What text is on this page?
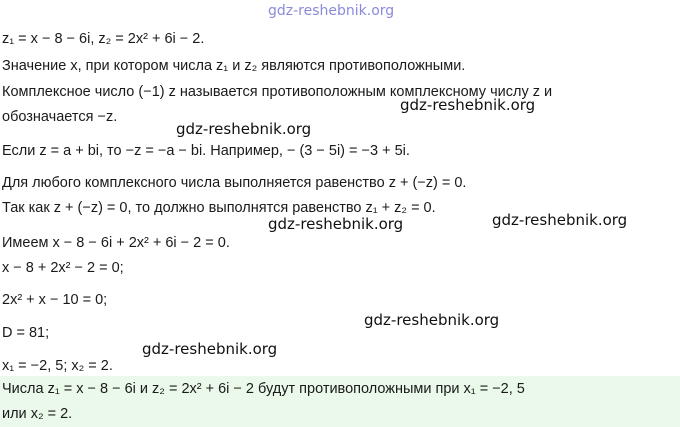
gdz-reshebnik.org
z₁ = x − 8 − 6i, z₂ = 2x² + 6i − 2.
Значение x, при котором числа z₁ и z₂ являются противоположными.
Комплексное число (−1) z называется противоположным комплексному числу z и
обозначается −z.
Если z = a + bi, то −z = −a − bi. Например, − (3 − 5i) = −3 + 5i.
Для любого комплексного числа выполняется равенство z + (−z) = 0.
Так как z + (−z) = 0, то должно выполнятся равенство z₁ + z₂ = 0.
Имеем x − 8 − 6i + 2x² + 6i − 2 = 0.
x − 8 + 2x² − 2 = 0;
2x² + x − 10 = 0;
D = 81;
x₁ = −2, 5; x₂ = 2.
Числа z₁ = x − 8 − 6i и z₂ = 2x² + 6i − 2 будут противоположными при x₁ = −2, 5
или x₂ = 2.
gdz-reshebnik.org
gdz-reshebnik.org
gdz-reshebnik.org	gdz-reshebnik.org
gdz-reshebnik.org
gdz-reshebnik.org
